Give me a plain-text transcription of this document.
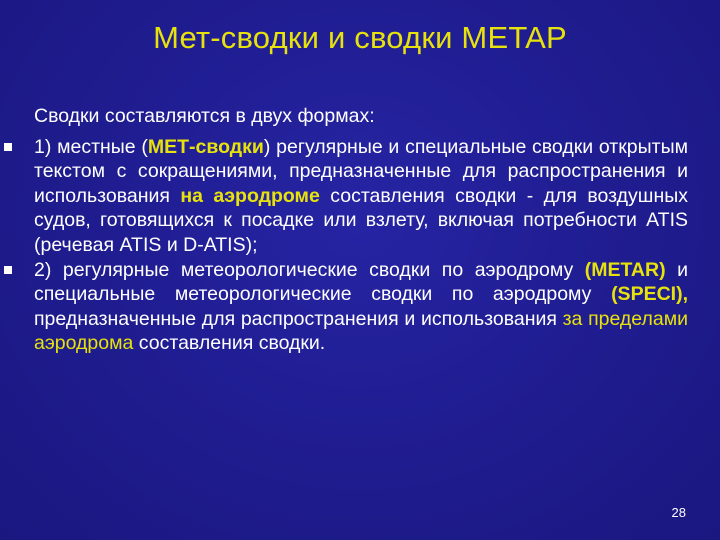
Мет-сводки и сводки METAP

Сводки составляются в двух формах:

1) местные (МЕТ-сводки) регулярные и специальные сводки открытым текстом с сокращениями, предназначенные для распространения и использования на аэродроме составления сводки - для воздушных судов, готовящихся к посадке или взлету, включая потребности ATIS (речевая ATIS и D-ATIS);

2) регулярные метеорологические сводки по аэродрому (METAR) и специальные метеорологические сводки по аэродрому (SPECI), предназначенные для распространения и использования за пределами аэродрома составления сводки.

28
